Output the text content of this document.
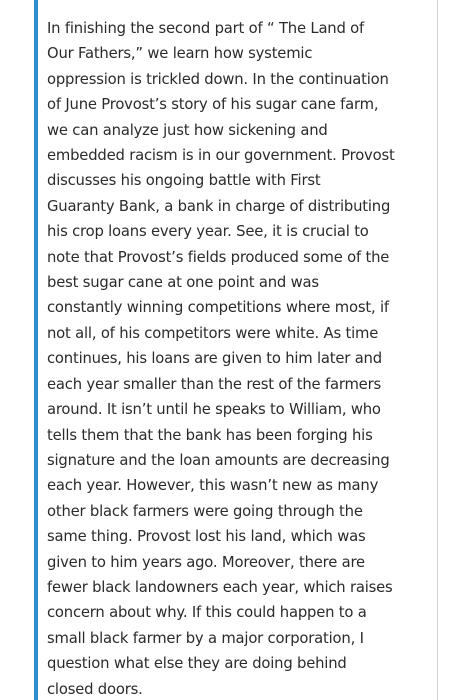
In finishing the second part of “ The Land of
Our Fathers,” we learn how systemic
oppression is trickled down. In the continuation
of June Provost’s story of his sugar cane farm,
we can analyze just how sickening and
embedded racism is in our government. Provost
discusses his ongoing battle with First
Guaranty Bank, a bank in charge of distributing
his crop loans every year. See, it is crucial to
note that Provost’s fields produced some of the
best sugar cane at one point and was
constantly winning competitions where most, if
not all, of his competitors were white. As time
continues, his loans are given to him later and
each year smaller than the rest of the farmers
around. It isn’t until he speaks to William, who
tells them that the bank has been forging his
signature and the loan amounts are decreasing
each year. However, this wasn’t new as many
other black farmers were going through the
same thing. Provost lost his land, which was
given to him years ago. Moreover, there are
fewer black landowners each year, which raises
concern about why. If this could happen to a
small black farmer by a major corporation, I
question what else they are doing behind
closed doors.
